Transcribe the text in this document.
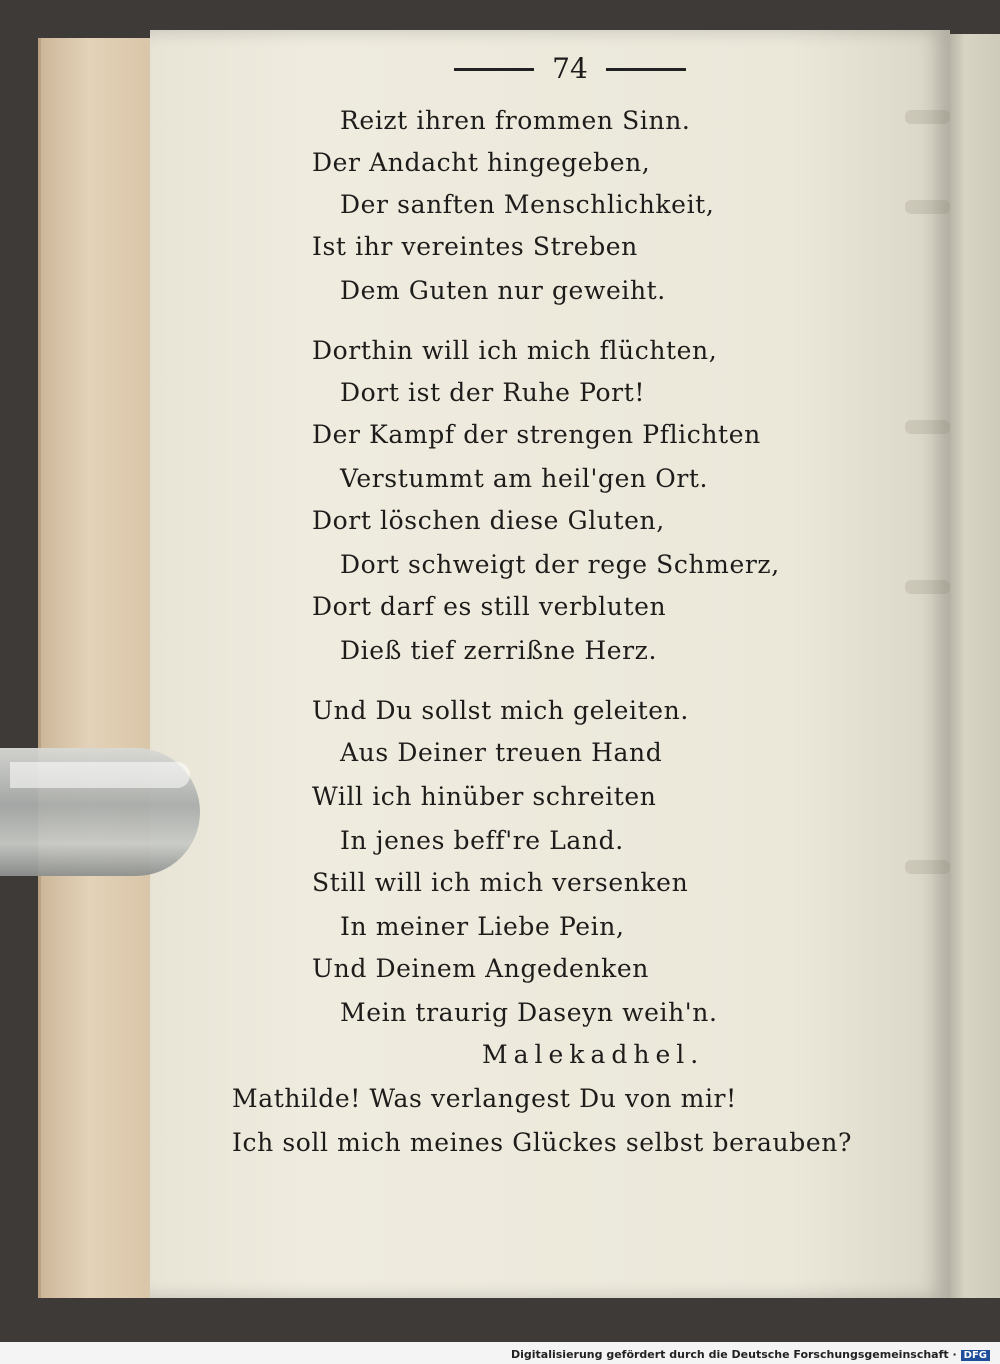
74
Reizt ihren frommen Sinn.
Der Andacht hingegeben,
Der sanften Menschlichkeit,
Ist ihr vereintes Streben
Dem Guten nur geweiht.
Dorthin will ich mich flüchten,
Dort ist der Ruhe Port!
Der Kampf der strengen Pflichten
Verstummt am heil'gen Ort.
Dort löschen diese Gluten,
Dort schweigt der rege Schmerz,
Dort darf es still verbluten
Dieß tief zerrißne Herz.
Und Du sollst mich geleiten.
Aus Deiner treuen Hand
Will ich hinüber schreiten
In jenes beff're Land.
Still will ich mich versenken
In meiner Liebe Pein,
Und Deinem Angedenken
Mein traurig Daseyn weih'n.
Malekadhel.
Mathilde! Was verlangest Du von mir!
Ich soll mich meines Glückes selbst berauben?
Digitalisierung gefördert durch die Deutsche Forschungsgemeinschaft · DFG
